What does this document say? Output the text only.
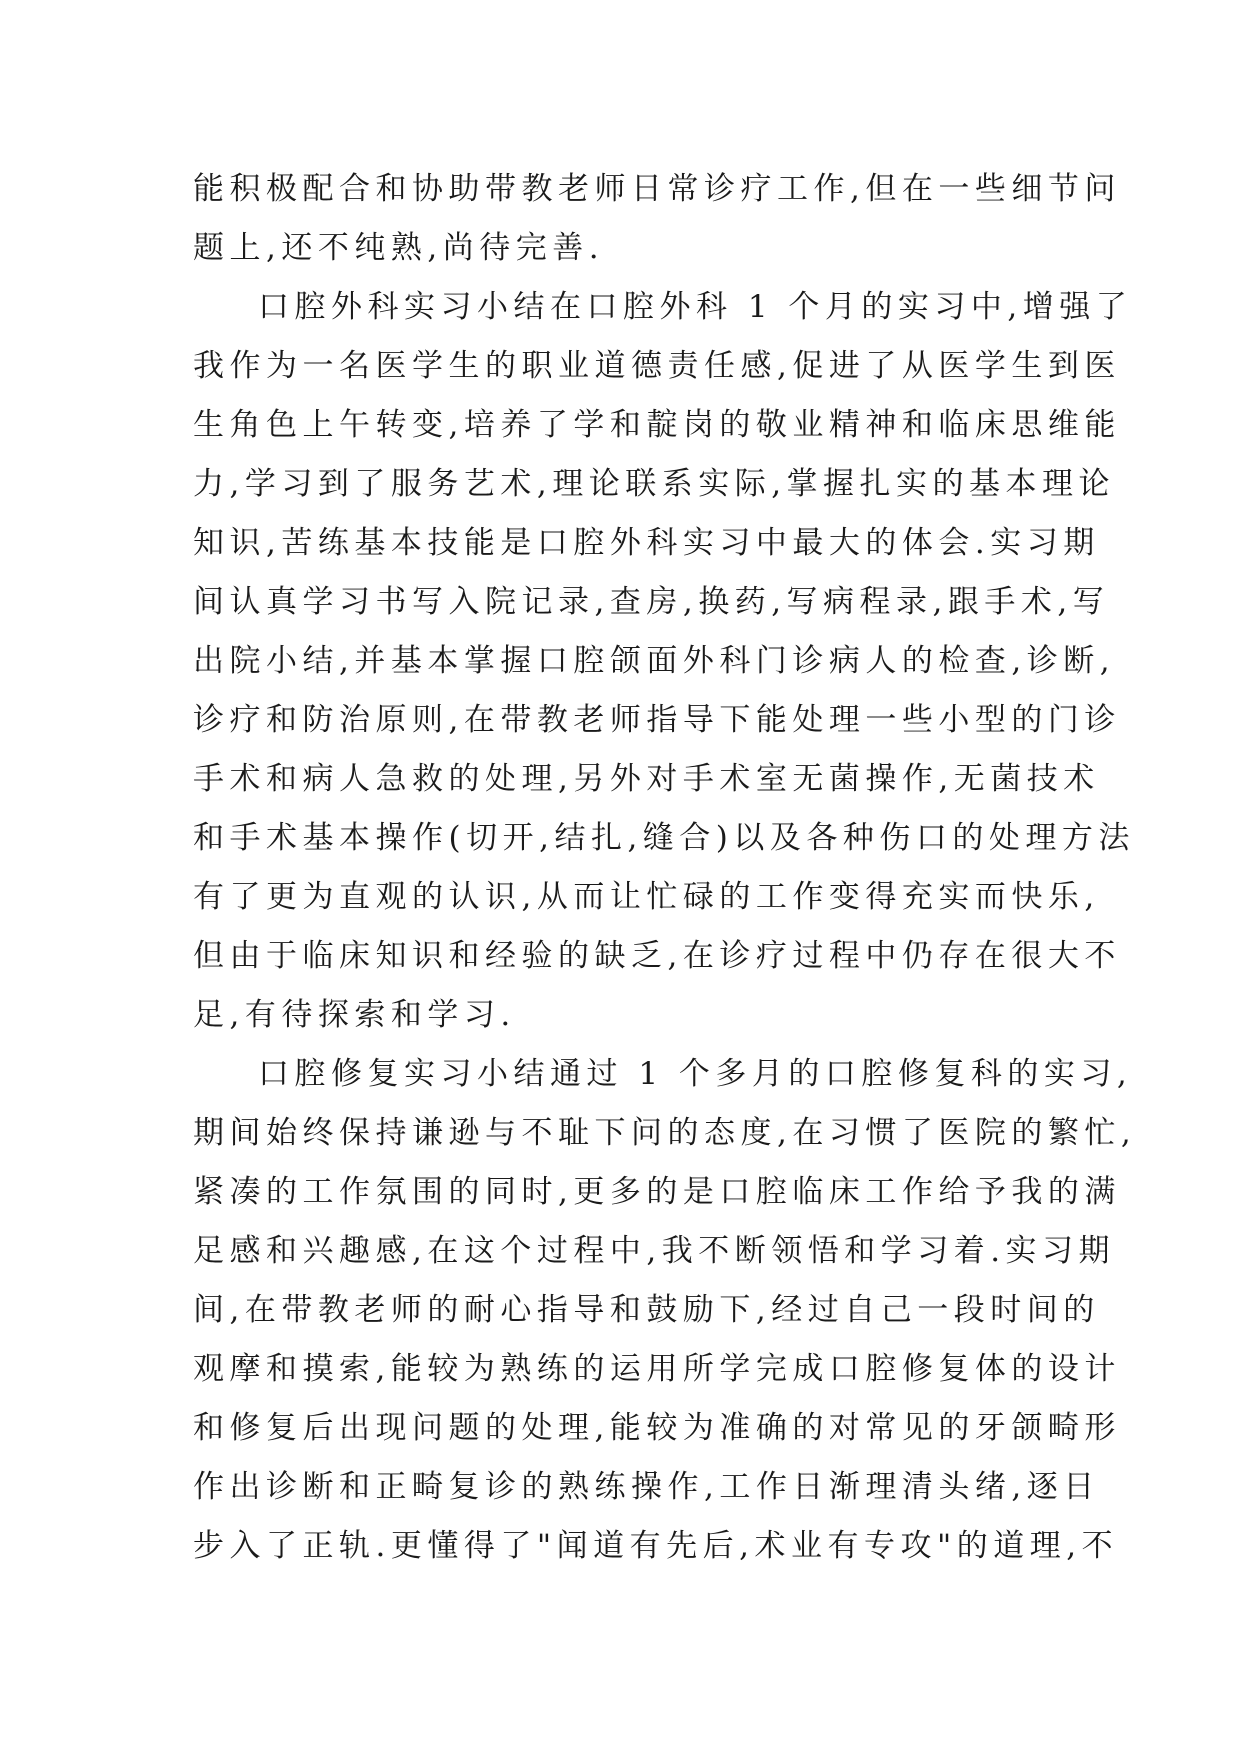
能积极配合和协助带教老师日常诊疗工作,但在一些细节问
题上,还不纯熟,尚待完善.
口腔外科实习小结在口腔外科 1 个月的实习中,增强了
我作为一名医学生的职业道德责任感,促进了从医学生到医
生角色上午转变,培养了学和靛岗的敬业精神和临床思维能
力,学习到了服务艺术,理论联系实际,掌握扎实的基本理论
知识,苦练基本技能是口腔外科实习中最大的体会.实习期
间认真学习书写入院记录,查房,换药,写病程录,跟手术,写
出院小结,并基本掌握口腔颌面外科门诊病人的检查,诊断,
诊疗和防治原则,在带教老师指导下能处理一些小型的门诊
手术和病人急救的处理,另外对手术室无菌操作,无菌技术
和手术基本操作(切开,结扎,缝合)以及各种伤口的处理方法
有了更为直观的认识,从而让忙碌的工作变得充实而快乐,
但由于临床知识和经验的缺乏,在诊疗过程中仍存在很大不
足,有待探索和学习.
口腔修复实习小结通过 1 个多月的口腔修复科的实习,
期间始终保持谦逊与不耻下问的态度,在习惯了医院的繁忙,
紧凑的工作氛围的同时,更多的是口腔临床工作给予我的满
足感和兴趣感,在这个过程中,我不断领悟和学习着.实习期
间,在带教老师的耐心指导和鼓励下,经过自己一段时间的
观摩和摸索,能较为熟练的运用所学完成口腔修复体的设计
和修复后出现问题的处理,能较为准确的对常见的牙颌畸形
作出诊断和正畸复诊的熟练操作,工作日渐理清头绪,逐日
步入了正轨.更懂得了"闻道有先后,术业有专攻"的道理,不
